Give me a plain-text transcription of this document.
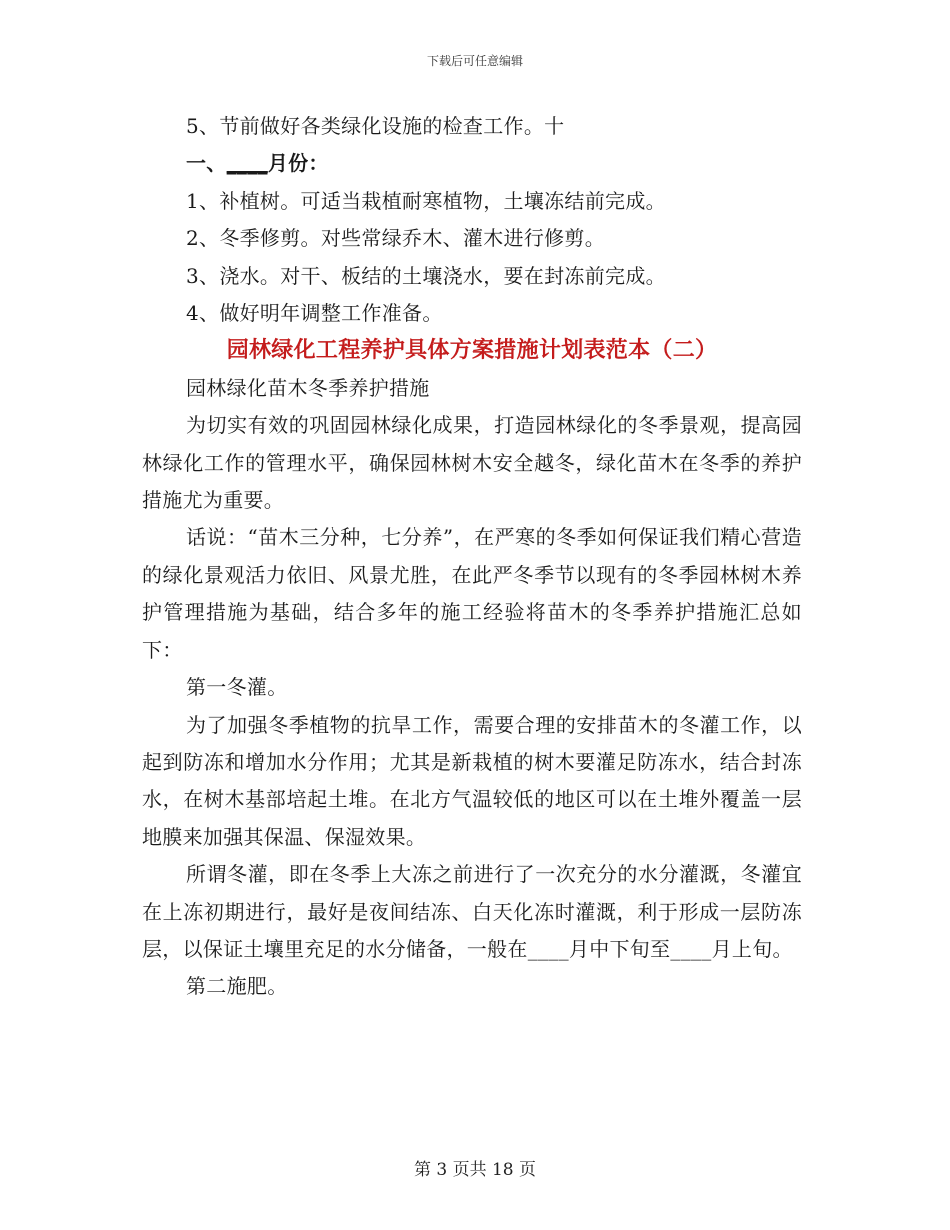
下载后可任意编辑
5、节前做好各类绿化设施的检查工作。十
一、____月份：
1、补植树。可适当栽植耐寒植物，土壤冻结前完成。
2、冬季修剪。对些常绿乔木、灌木进行修剪。
3、浇水。对干、板结的土壤浇水，要在封冻前完成。
4、做好明年调整工作准备。
园林绿化工程养护具体方案措施计划表范本（二）
园林绿化苗木冬季养护措施
为切实有效的巩固园林绿化成果，打造园林绿化的冬季景观，提高园林绿化工作的管理水平，确保园林树木安全越冬，绿化苗木在冬季的养护措施尤为重要。
话说：“苗木三分种，七分养”，在严寒的冬季如何保证我们精心营造的绿化景观活力依旧、风景尤胜，在此严冬季节以现有的冬季园林树木养护管理措施为基础，结合多年的施工经验将苗木的冬季养护措施汇总如下：
第一冬灌。
为了加强冬季植物的抗旱工作，需要合理的安排苗木的冬灌工作，以起到防冻和增加水分作用；尤其是新栽植的树木要灌足防冻水，结合封冻水，在树木基部培起土堆。在北方气温较低的地区可以在土堆外覆盖一层地膜来加强其保温、保湿效果。
所谓冬灌，即在冬季上大冻之前进行了一次充分的水分灌溉，冬灌宜在上冻初期进行，最好是夜间结冻、白天化冻时灌溉，利于形成一层防冻层，以保证土壤里充足的水分储备，一般在____月中下旬至____月上旬。
第二施肥。
第 3 页共 18 页
